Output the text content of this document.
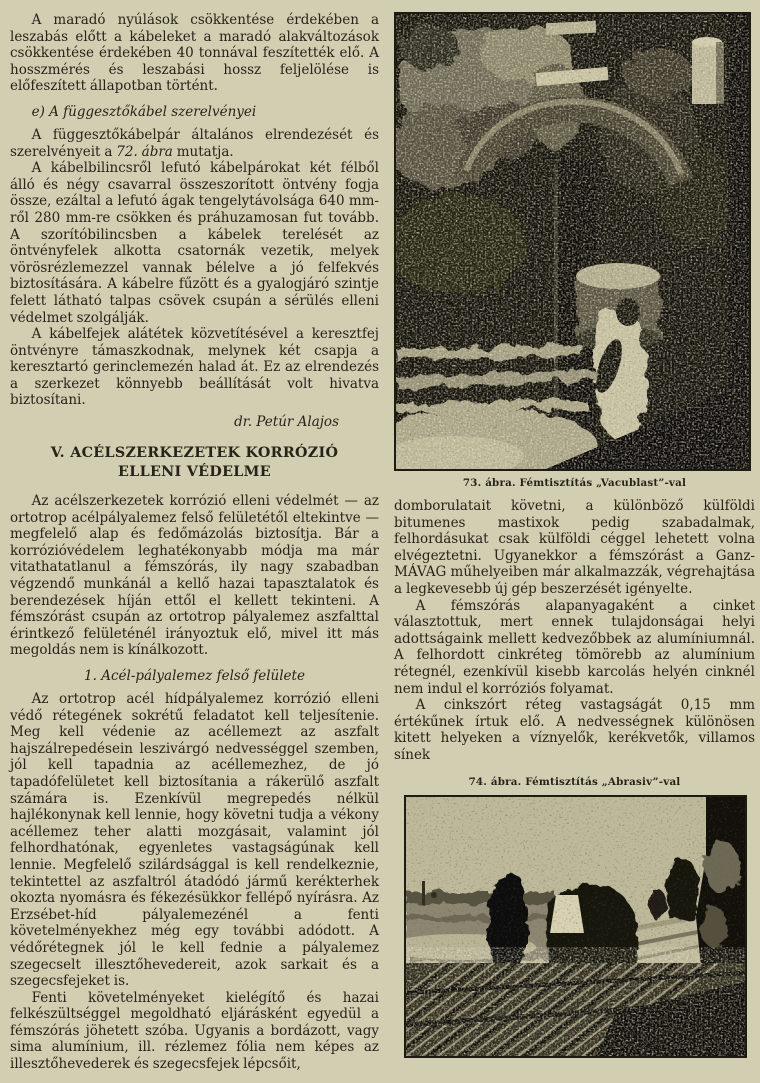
A maradó nyúlások csökkentése érdekében a leszabás előtt a kábeleket a maradó alakváltozások csökkentése érdekében 40 tonnával feszítették elő. A hosszmérés és leszabási hossz feljelölése is előfeszített állapotban történt.

e) A függesztőkábel szerelvényei

A függesztőkábelpár általános elrendezését és szerelvényeit a 72. ábra mutatja.

A kábelbilincsről lefutó kábelpárokat két félből álló és négy csavarral összeszorított öntvény fogja össze, ezáltal a lefutó ágak tengelytávolsága 640 mm-ről 280 mm-re csökken és práhuzamosan fut tovább. A szorítóbilincsben a kábelek terelését az öntvényfelek alkotta csatornák vezetik, melyek vörösrézlemezzel vannak bélelve a jó felfekvés biztosítására. A kábelre fűzött és a gyalogjáró szintje felett látható talpas csövek csupán a sérülés elleni védelmet szolgálják.

A kábelfejek alátétek közvetítésével a keresztfej öntvényre támaszkodnak, melynek két csapja a keresztartó gerinclemezén halad át. Ez az elrendezés a szerkezet könnyebb beállítását volt hivatva biztosítani.

dr. Petúr Alajos
V. ACÉLSZERKEZETEK KORRÓZIÓ ELLENI VÉDELME

Az acélszerkezetek korrózió elleni védelmét — az ortotrop acélpályalemez felső felületétől eltekintve — megfelelő alap és fedőmázolás biztosítja. Bár a korrózióvédelem leghatékonyabb módja ma már vitathatatlanul a fémszórás, ily nagy szabadban végzendő munkánál a kellő hazai tapasztalatok és berendezések híján ettől el kellett tekinteni. A fémszórást csupán az ortotrop pályalemez aszfalttal érintkező felületénél irányoztuk elő, mivel itt más megoldás nem is kínálkozott.

1. Acél-pályalemez felső felülete

Az ortotrop acél hídpályalemez korrózió elleni védő rétegének sokrétű feladatot kell teljesítenie. Meg kell védenie az acéllemezt az aszfalt hajszálrepedésein leszivárgó nedvességgel szemben, jól kell tapadnia az acéllemezhez, de jó tapadófelületet kell biztosítania a rákerülő aszfalt számára is. Ezenkívül megrepedés nélkül hajlékonynak kell lennie, hogy követni tudja a vékony acéllemez teher alatti mozgásait, valamint jól felhordhatónak, egyenletes vastagságúnak kell lennie. Megfelelő szilárdsággal is kell rendelkeznie, tekintettel az aszfaltról átadódó jármű kerékterhek okozta nyomásra és fékezésükkor fellépő nyírásra. Az Erzsébet-híd pályalemezénél a fenti követelményekhez még egy további adódott. A védőrétegnek jól le kell fednie a pályalemez szegecselt illesztőhevedereit, azok sarkait és a szegecsfejeket is.

Fenti követelményeket kielégítő és hazai felkészültséggel megoldható eljárásként egyedül a fémszórás jöhetett szóba. Ugyanis a bordázott, vagy sima alumínium, ill. rézlemez fólia nem képes az illesztőhevederek és szegecsfejek lépcsőit,

73. ábra. Fémtisztítás „Vacublast”-val

domborulatait követni, a különböző külföldi bitumenes mastixok pedig szabadalmak, felhordásukat csak külföldi céggel lehetett volna elvégeztetni. Ugyanekkor a fémszórást a Ganz-MÁVAG műhelyeiben már alkalmazzák, végrehajtása a legkevesebb új gép beszerzését igényelte.

A fémszórás alapanyagaként a cinket választottuk, mert ennek tulajdonságai helyi adottságaink mellett kedvezőbbek az alumíniumnál. A felhordott cinkréteg tömörebb az alumínium rétegnél, ezenkívül kisebb karcolás helyén cinknél nem indul el korróziós folyamat.

A cinkszórt réteg vastagságát 0,15 mm értékűnek írtuk elő. A nedvességnek különösen kitett helyeken a víznyelők, kerékvetők, villamos sínek

74. ábra. Fémtisztítás „Abrasiv”-val
